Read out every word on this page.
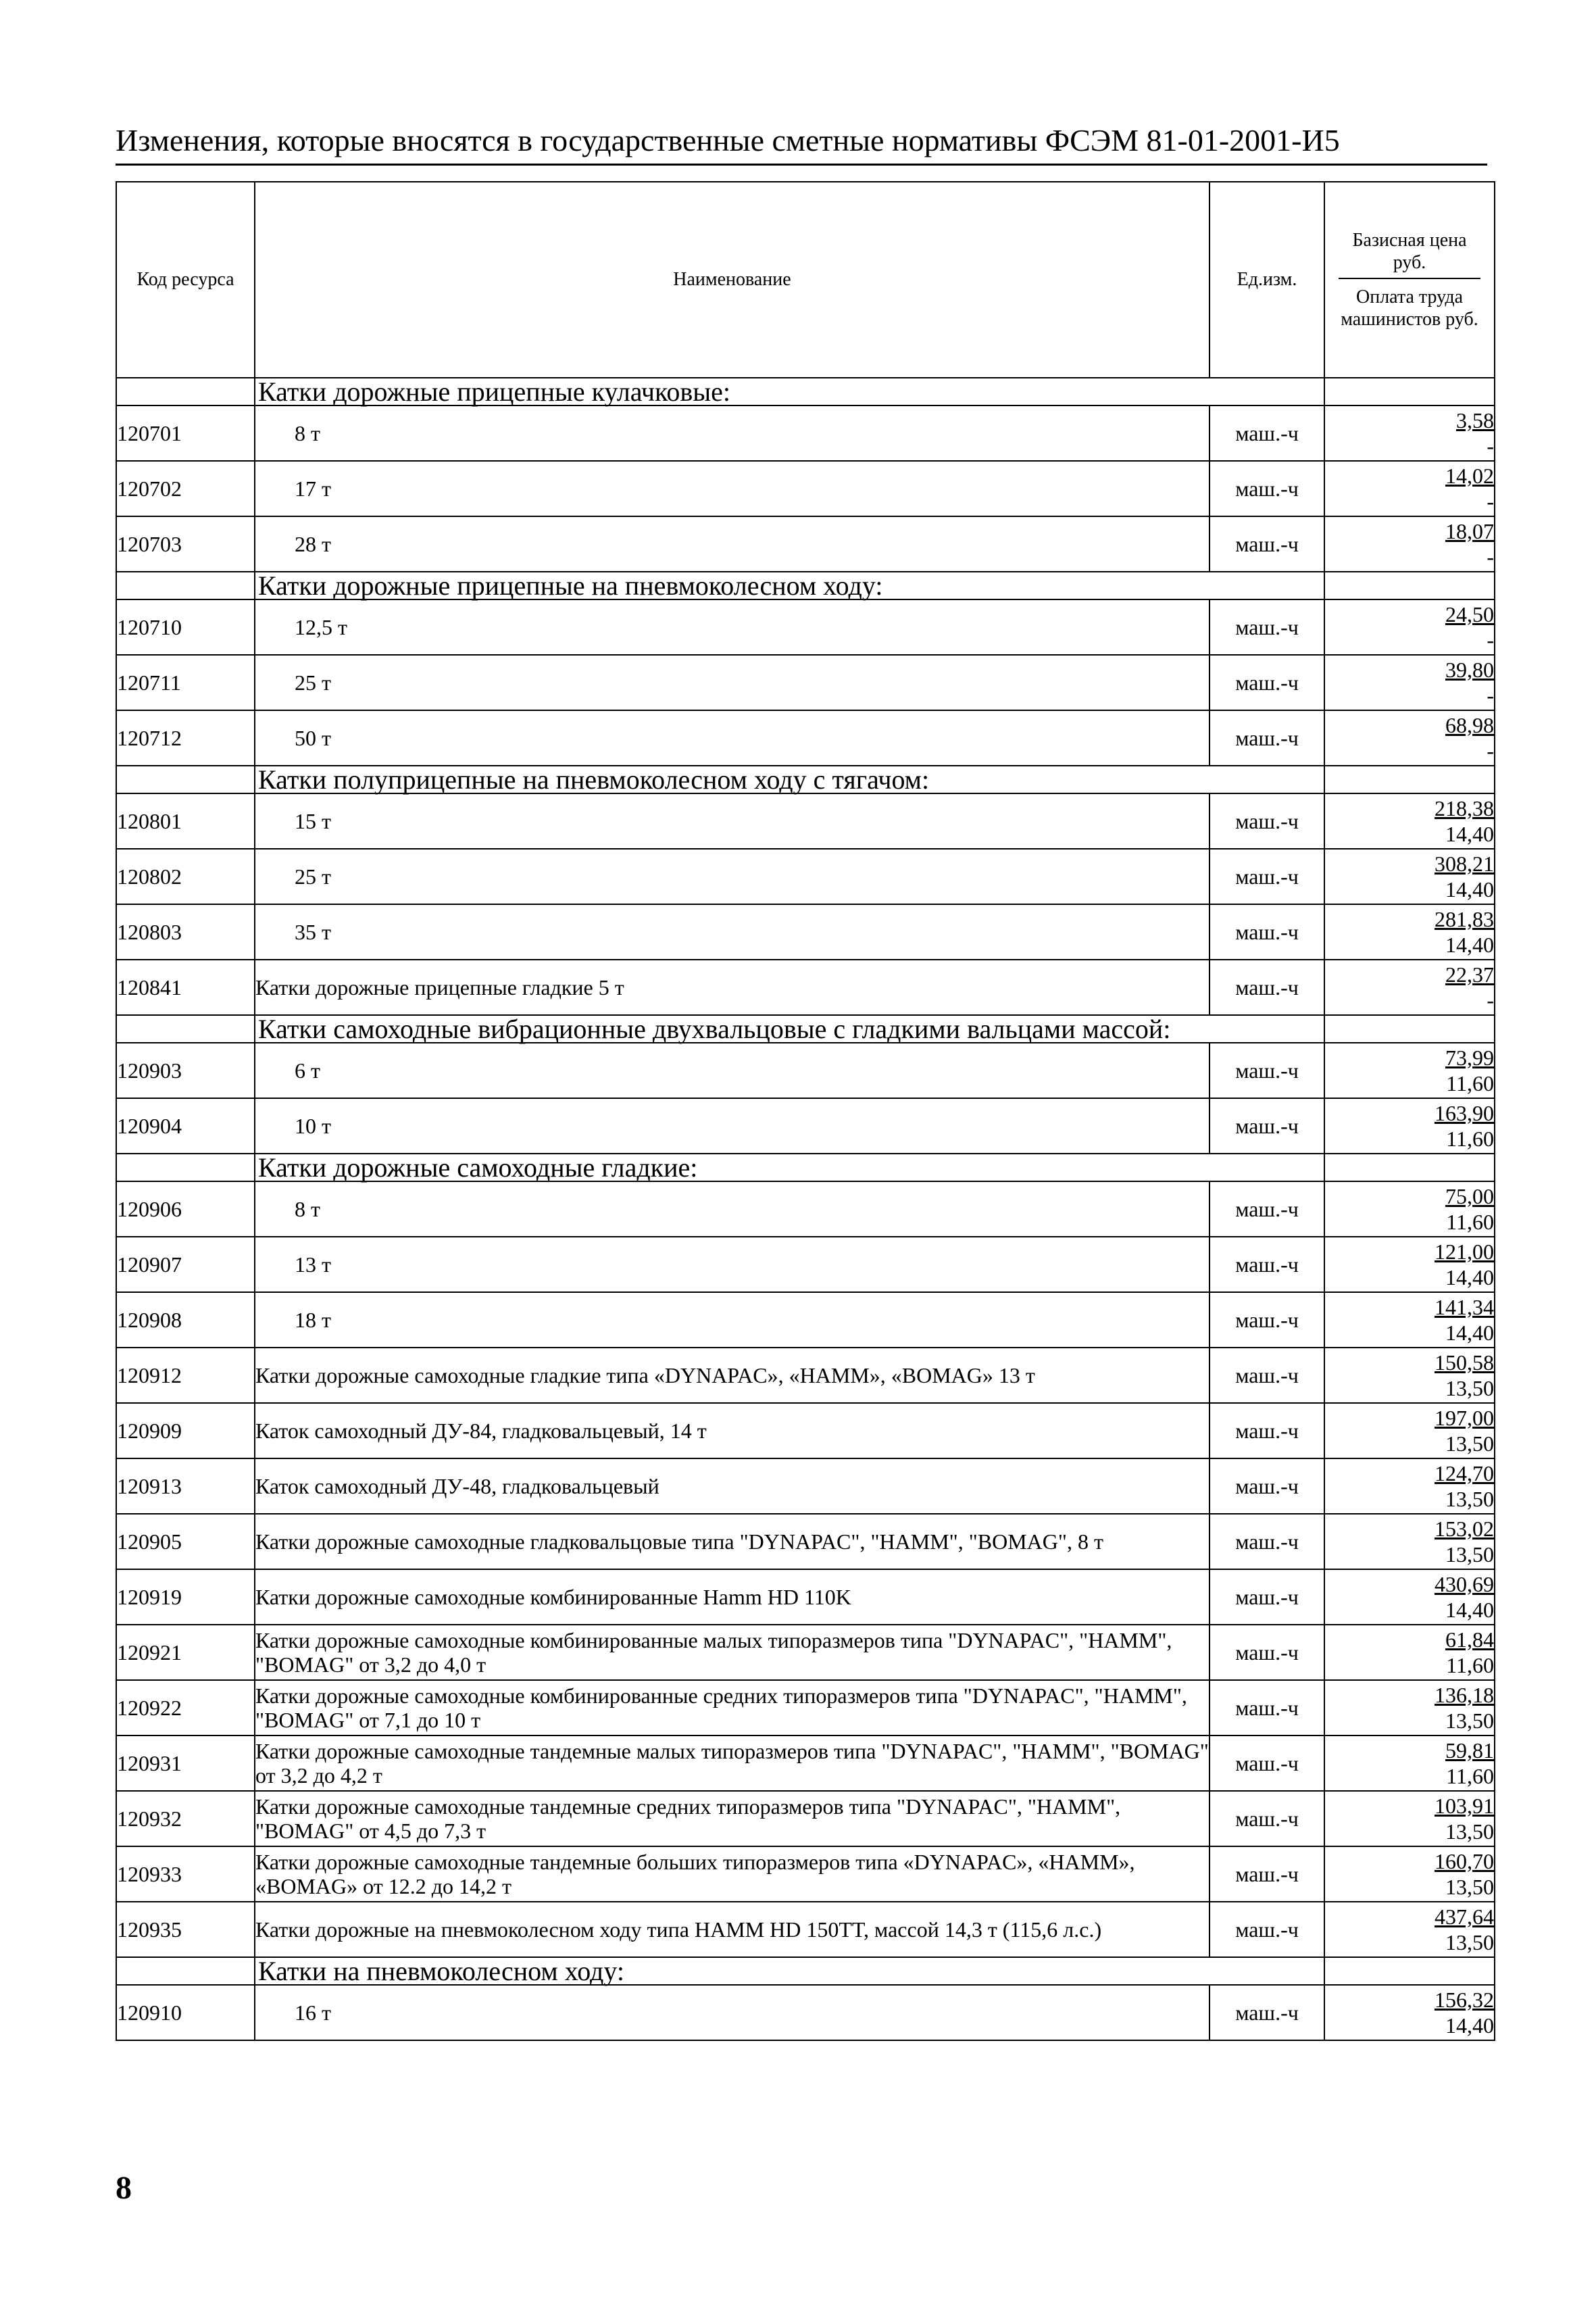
Изменения, которые вносятся в государственные сметные нормативы ФСЭМ 81-01-2001-И5
Код ресурса	Наименование	Ед.изм.	Базисная цена руб.
Оплата труда машинистов руб.

	Катки дорожные прицепные кулачковые:		
120701	8 т	маш.-ч	3,58
-

120702	17 т	маш.-ч	14,02
-

120703	28 т	маш.-ч	18,07
-

	Катки дорожные прицепные на пневмоколесном ходу:		
120710	12,5 т	маш.-ч	24,50
-

120711	25 т	маш.-ч	39,80
-

120712	50 т	маш.-ч	68,98
-

	Катки полуприцепные на пневмоколесном ходу с тягачом:		
120801	15 т	маш.-ч	218,38
14,40

120802	25 т	маш.-ч	308,21
14,40

120803	35 т	маш.-ч	281,83
14,40

120841	Катки дорожные прицепные гладкие 5 т	маш.-ч	22,37
-

	Катки самоходные вибрационные двухвальцовые с гладкими вальцами массой:		
120903	6 т	маш.-ч	73,99
11,60

120904	10 т	маш.-ч	163,90
11,60

	Катки дорожные самоходные гладкие:		
120906	8 т	маш.-ч	75,00
11,60

120907	13 т	маш.-ч	121,00
14,40

120908	18 т	маш.-ч	141,34
14,40

120912	Катки дорожные самоходные гладкие типа «DYNAPAC», «HAMM», «BOMAG» 13 т	маш.-ч	150,58
13,50

120909	Каток самоходный ДУ-84, гладковальцевый, 14 т	маш.-ч	197,00
13,50

120913	Каток самоходный ДУ-48, гладковальцевый	маш.-ч	124,70
13,50

120905	Катки дорожные самоходные гладковальцовые типа "DYNAPAC", "HAMM", "BOMAG", 8 т	маш.-ч	153,02
13,50

120919	Катки дорожные самоходные комбинированные Hamm HD 110K	маш.-ч	430,69
14,40

120921	Катки дорожные самоходные комбинированные малых типоразмеров типа "DYNAPAC", "HAMM", "BOMAG" от 3,2 до 4,0 т	маш.-ч	61,84
11,60

120922	Катки дорожные самоходные комбинированные средних типоразмеров типа "DYNAPAC", "HAMM", "BOMAG" от 7,1 до 10 т	маш.-ч	136,18
13,50

120931	Катки дорожные самоходные тандемные малых типоразмеров типа "DYNAPAC", "HAMM", "BOMAG" от 3,2 до 4,2 т	маш.-ч	59,81
11,60

120932	Катки дорожные самоходные тандемные средних типоразмеров типа "DYNAPAC", "HAMM", "BOMAG" от 4,5 до 7,3 т	маш.-ч	103,91
13,50

120933	Катки дорожные самоходные тандемные больших типоразмеров типа «DYNAPAC», «HAMM», «BOMAG» от 12.2 до 14,2 т	маш.-ч	160,70
13,50

120935	Катки дорожные на пневмоколесном ходу типа HAMM HD 150TT, массой 14,3 т (115,6 л.с.)	маш.-ч	437,64
13,50

	Катки на пневмоколесном ходу:		
120910	16 т	маш.-ч	156,32
14,40
8
